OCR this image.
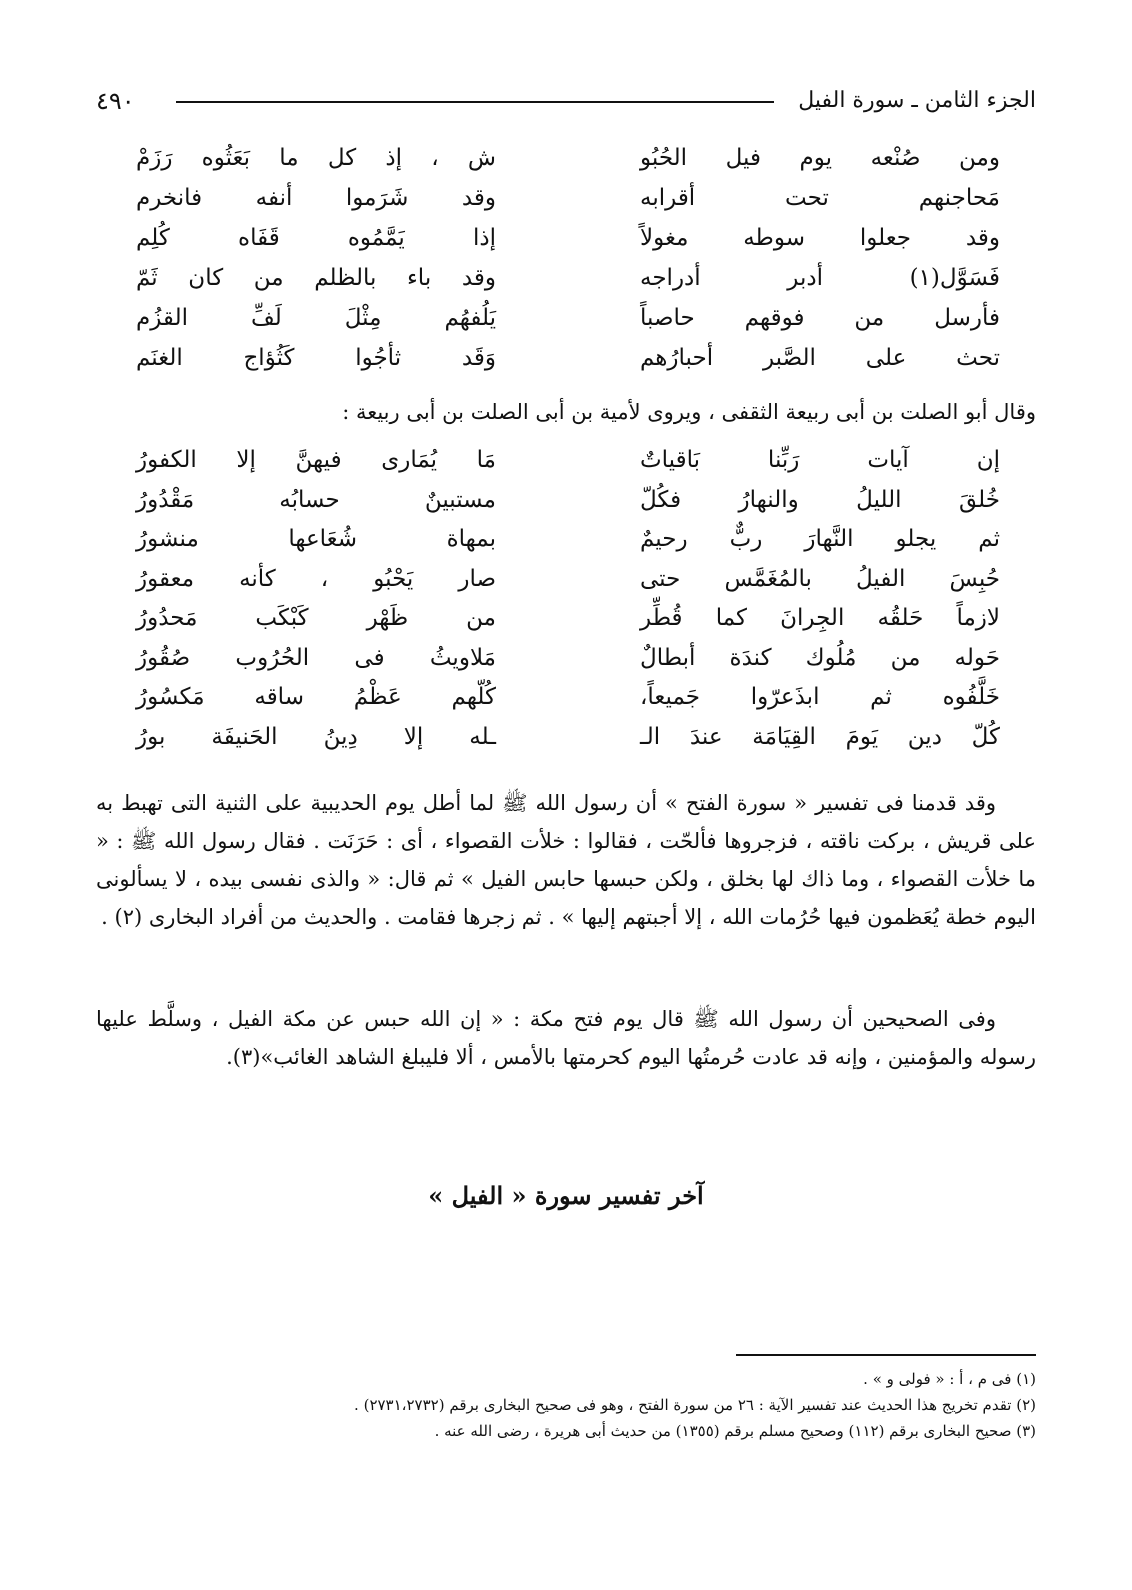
الجزء الثامن ـ سورة الفيل
٤٩٠
ومن صُنْعه يوم فيل الحُبُو
ش ، إذ كل ما بَعَثُوه رَزَمْ
مَحاجنهم تحت أقرابه
وقد شَرَموا أنفه فانخرم
وقد جعلوا سوطه مغولاً
إذا يَمَّمُوه قَفَاه كُلِم
فَسَوَّل(١) أدبر أدراجه
وقد باء بالظلم من كان ثَمّ
فأرسل من فوقهم حاصباً
يَلُفهُم مِثْلَ لَفِّ القزُم
تحث على الصَّبر أحبارُهم
وَقَد ثأجُوا كَثُؤاج الغنَم
وقال أبو الصلت بن أبى ربيعة الثقفى ، ويروى لأمية بن أبى الصلت بن أبى ربيعة :
إن آيات رَبِّنا بَاقياتٌ
مَا يُمَارى فيهنَّ إلا الكفورُ
خُلقَ الليلُ والنهارُ فكُلّ
مستبينٌ حسابُه مَقْدُورُ
ثم يجلو النَّهارَ ربٌّ رحيمٌ
بمهاة شُعَاعها منشورُ
حُبِسَ الفيلُ بالمُغَمَّس حتى
صار يَحْبُو ، كأنه معقورُ
لازماً حَلقُه الجِرانَ كما قُطِّر
من ظَهْر كَبْكَب مَحدُورُ
حَوله من مُلُوك كندَة أبطالٌ
مَلاويثُ فى الحُرُوب صُقُورُ
خَلَّفُوه ثم ابذَعرّوا جَميعاً،
كُلّهم عَظْمُ ساقه مَكسُورُ
كُلّ دين يَومَ القِيَامَة عندَ الـ
ـله إلا دِينُ الحَنيفَة بورُ

وقد قدمنا فى تفسير « سورة الفتح » أن رسول الله ﷺ لما أطل يوم الحديبية على الثنية التى تهبط به على قريش ، بركت ناقته ، فزجروها فألحّت ، فقالوا : خلأت القصواء ، أى : حَرَنَت . فقال رسول الله ﷺ : « ما خلأت القصواء ، وما ذاك لها بخلق ، ولكن حبسها حابس الفيل » ثم قال: « والذى نفسى بيده ، لا يسألونى اليوم خطة يُعَظمون فيها حُرُمات الله ، إلا أجبتهم إليها » . ثم زجرها فقامت . والحديث من أفراد البخارى (٢) .

وفى الصحيحين أن رسول الله ﷺ قال يوم فتح مكة : « إن الله حبس عن مكة الفيل ، وسلَّط عليها رسوله والمؤمنين ، وإنه قد عادت حُرمتُها اليوم كحرمتها بالأمس ، ألا فليبلغ الشاهد الغائب»(٣).

آخر تفسير سورة « الفيل »
(١) فى م ، أ : « فولى و » .
(٢) تقدم تخريج هذا الحديث عند تفسير الآية : ٢٦ من سورة الفتح ، وهو فى صحيح البخارى برقم (٢٧٣١،٢٧٣٢) .
(٣) صحيح البخارى برقم (١١٢) وصحيح مسلم برقم (١٣٥٥) من حديث أبى هريرة ، رضى الله عنه .
